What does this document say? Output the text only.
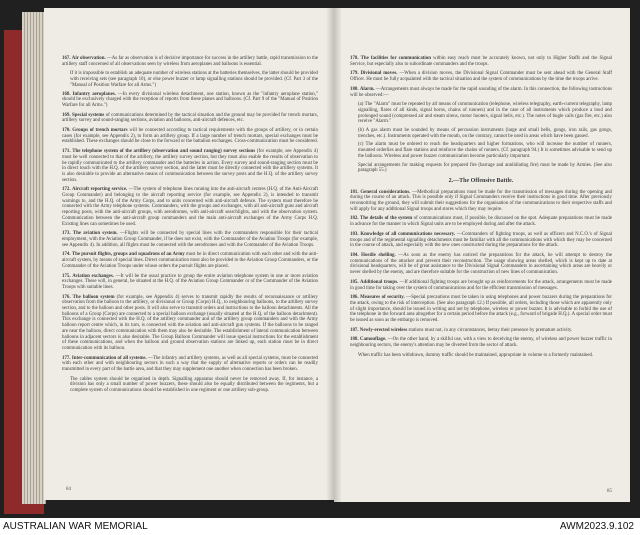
167. Air observation. —As far as observation is of decisive importance for success in the artillery battle, rapid transmission to the artillery staff concerned of all observations seen by wireless from aeroplanes and balloons is essential.

If it is impossible to establish an adequate number of wireless stations at the batteries themselves, the latter should be provided with receiving sets (see paragraph 10), or else power buzzer or lamp signalling stations should be provided. (Cf. Part 3 of the "Manual of Position Warfare for all Arms.")

168. Infantry aeroplanes. —In every divisional wireless detachment, one station, known as the "infantry aeroplane station," should be exclusively charged with the reception of reports from these planes and balloons. (Cf. Part 9 of the "Manual of Position Warfare for all Arms.")

169. Special systems of communications determined by the tactical situation and the ground may be provided for trench mortars, artillery survey and sound-ranging sections, aviation and balloons, anti-aircraft defences, etc.

170. Groups of trench mortars will be connected according to tactical requirements with the groups of artillery, or in certain cases (for example, see Appendix 2), to form an artillery group. If a large number of trench mortars, special exchanges must be established. These exchanges should be close to the forward or the battalion exchanges. Cross-communication must be considered.

171. The telephone system of the artillery (observation and sound ranging) survey sections (for example, see Appendix 4) must be well connected to that of the artillery, the artillery survey section, but they must also enable the results of observation to be rapidly communicated to the artillery commander and the batteries in action. Every survey and sound-ranging section must be in direct touch with the H.Q. of the artillery survey section, and the latter must be directly connected with the artillery systems. It is also desirable to provide an alternative means of communication between the survey posts and the H.Q. of the artillery survey section.

172. Aircraft reporting service. —The system of telephone lines running into the anti-aircraft centres (H.Q. of the Anti-Aircraft Group Commander) and belonging to the aircraft reporting service (for example, see Appendix 2), is intended to transmit warnings to, and the H.Q. of the Army Corps, and to units concerned with anti-aircraft defence. The system must therefore be connected with the Army telephone systems. Commanders, with the groups and exchanges, with all anti-aircraft guns and aircraft reporting posts, with the anti-aircraft groups, with aerodromes, with anti-aircraft searchlights, and with the observation system. Communication between the anti-aircraft group commanders and the main anti-aircraft exchanges of the Army Corps H.Q. Existing lines can sometimes be used.

173. The aviation system. —Flights will be connected by special lines with the commanders responsible for their tactical employment, with the Aviation Group Commander, if he does not exist, with the Commander of the Aviation Troops (for example, see Appendix 4). In addition, all flights must be connected with the aerodromes and with the Commander of the Aviation Troops.

174. The pursuit flights, groups and squadrons of an Army must be in direct communication with each other and with the anti-aircraft system, by means of special lines. Direct communication must also be provided to the Aviation Group Commanders, or the Commander of the Aviation Troops under whose orders the pursuit flights are placed.

175. Aviation exchanges. —It will be the usual practice to group the entire aviation telephone system in one or more aviation exchanges. These will, in general, be situated at the H.Q. of the Aviation Group Commander or of the Commander of the Aviation Troops with suitable lines.

176. The balloon system (for example, see Appendix 4) serves to transmit rapidly the results of reconnaissance or artillery observation from the balloon to the artillery, or divisional or Group (Corps) H.Q., to neighbouring balloons, to the artillery survey section, and to the balloon and other posts. It will also serve to transmit orders and instructions to the balloon detachments. All the balloons of a Group (Corps) are connected to a special balloon exchange (usually situated at the H.Q. of the balloon detachment). This exchange is connected with the H.Q. of the artillery commander and of the artillery group commanders and with the Army balloon report centre which, in its turn, is connected with the aviation and anti-aircraft gun systems. If the balloons to be ranged are near the balloon, direct communication with them may also be desirable. The establishment of lateral communication between balloons in adjacent sectors is also desirable. The Group Balloon Commander will issue special instructions for the establishment of these communications, and when the balloon and ground observation stations are linked up, each station must be in direct communication with its balloon.

177. Inter-communication of all systems. —The infantry and artillery systems, as well as all special systems, must be connected with each other and with neighbouring sectors in such a way that the supply of alternative reports or orders can be readily transmitted in every part of the battle area, and that they may supplement one another when connection has been broken.

The cables system should be organised in depth. Signalling apparatus should never be removed away. If, for instance, a division has only a small number of power buzzers, these should also be equally distributed between the regiments, but a complete system of communications should be established in one regiment or one artillery sub-group.

84

178. The facilities for communication within easy reach must be accurately known, not only to Higher Staffs and the Signal Service, but especially also to subordinate commanders and the troops.

179. Divisional moves. —When a division moves, the Divisional Signal Commander must be sent ahead with the General Staff Officer. He must be fully acquainted with the tactical situation and the system of communications by the time the troops arrive.

180. Alarm. —Arrangements must always be made for the rapid sounding of the alarm. In this connection, the following instructions will be observed:—

(a) The "Alarm" must be repeated by all means of communication (telephone, wireless telegraphy, earth-current telegraphy, lamp signalling, flares of all kinds, signal horns, chains of runners) and in the case of all instruments which produce a loud and prolonged sound (compressed air and steam sirens, motor hooters, signal bells, etc.). The notes of bugle calls (gas fire, etc.) also receive "Alarm."

(b) A gas alarm must be sounded by means of percussion instruments (large and small bells, gongs, iron rails, gas gongs, trenches, etc.). Instruments operated with the mouth, on the contrary, cannot be used in areas which have been gassed.

(c) The alarm must be ordered to reach the headquarters and higher formations, who will increase the number of runners, mounted orderlies and flare stations and reinforce the chains of runners. (Cf. paragraph 94.) It is sometimes advisable to send up the balloons. Wireless and power buzzer communication become particularly important.

Special arrangements for making requests for prepared fire (barrage and annihilating fire) must be made by Armies. (See also paragraph 55.)

2.—The Offensive Battle.

181. General considerations. —Methodical preparations must be made for the transmission of messages during the opening and during the course of an attack. This is possible only if Signal Commanders receive their instructions in good time. After previously reconnoitring the ground, they will submit their suggestions for the organisation of the communications to their respective staffs and will apply for any additional Signal troops and stores which they may require.

182. The details of the system of communications must, if possible, be discussed on the spot. Adequate preparations must be made in advance for the manner in which Signal units are to be employed during and after the attack.

183. Knowledge of all communications necessary. —Commanders of fighting troops, as well as officers and N.C.O.'s of Signal troops and of the regimental signalling detachments must be familiar with all the communications with which they may be concerned in the course of attack, and especially with the new ones constructed during the preparations for the attack.

184. Hostile shelling. —As soon as the enemy has noticed the preparations for the attack, he will attempt to destroy the communications of the attacker and prevent their reconstruction. The usage showing areas shelled, which is kept up to date at divisional headquarters, will be of great assistance to the Divisional Signal Commanders in ascertaining which areas are heavily or never shelled by the enemy, and are therefore suitable for the construction of new lines of communication.

185. Additional troops. —If additional fighting troops are brought up as reinforcements for the attack, arrangements must be made in good time for taking over the system of communications and for the efficient transmission of messages.

186. Measures of security. —Special precautions must be taken in using telephones and power buzzers during the preparations for the attack, owing to the risk of interception. (See also paragraph 12.) If possible, all orders, including those which are apparently only of slight importance, should be issued in writing and not by telephone, wireless or power buzzer. It is advisable to forbid the use of the telephone in the forward area altogether for a certain period before the attack (e.g., forward of brigade H.Q.). A special order must be issued as soon as the embargo is removed.

187. Newly-erected wireless stations must not, in any circumstances, betray their presence by premature activity.

188. Camouflage. —On the other hand, by a skilful use, with a view to deceiving the enemy, of wireless and power buzzer traffic in neighbouring sectors, the enemy's attention may be diverted from the sector of attack.

When traffic has been withdrawn, dummy traffic should be maintained, appropriate in volume to a formerly maintained.

85
AUSTRALIAN WAR MEMORIAL	AWM2023.9.102
